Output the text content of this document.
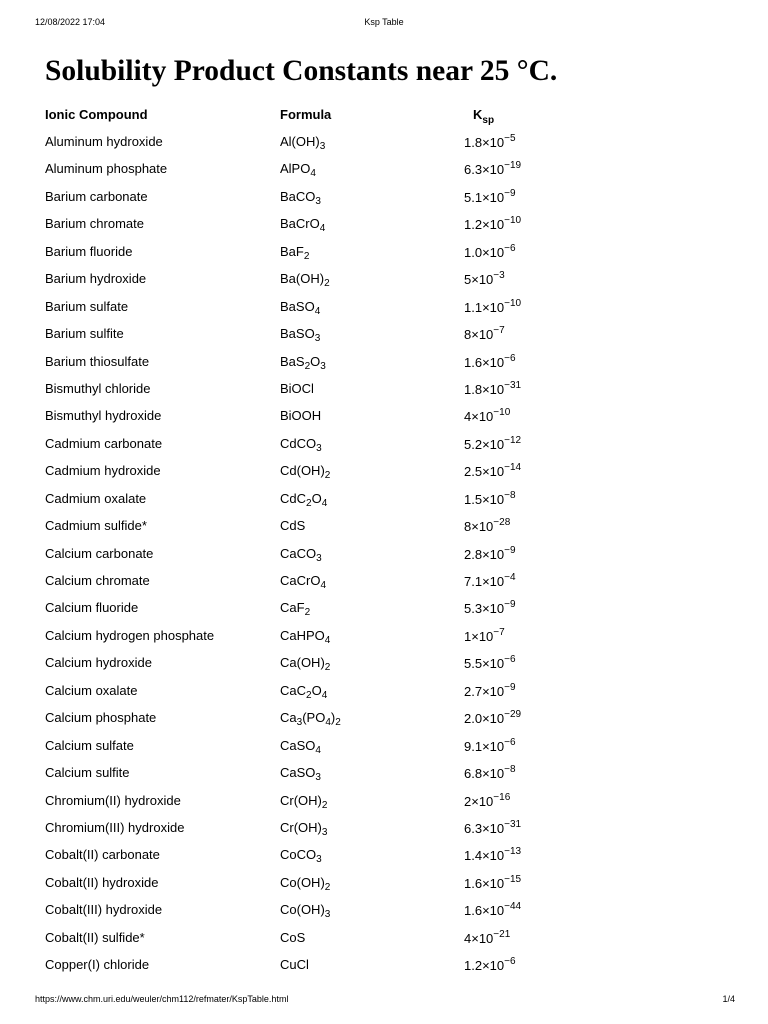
12/08/2022 17:04	Ksp Table
Solubility Product Constants near 25 °C.
Ionic Compound	Formula	$K_{sp}$
Aluminum hydroxide	$Al(OH)_3$	$1.8\times 10^{-5}$
Aluminum phosphate	AlPO$_4$	$6.3\times 10^{-19}$
Barium carbonate	BaCO$_3$	$5.1\times 10^{-9}$
Barium chromate	BaCrO$_4$	$1.2\times 10^{-10}$
Barium fluoride	BaF$_2$	$1.0\times 10^{-6}$
Barium hydroxide	$Ba(OH)_2$	$5\times 10^{-3}$
Barium sulfate	BaSO$_4$	$1.1\times 10^{-10}$
Barium sulfite	BaSO$_3$	$8\times 10^{-7}$
Barium thiosulfate	$BaS_2O_3$	$1.6\times 10^{-6}$
Bismuthyl chloride	BiOCl	$1.8\times 10^{-31}$
Bismuthyl hydroxide	BiOOH	$4\times 10^{-10}$
Cadmium carbonate	CdCO$_3$	$5.2\times 10^{-12}$
Cadmium hydroxide	$Cd(OH)_2$	$2.5\times 10^{-14}$
Cadmium oxalate	$CdC_2O_4$	$1.5\times 10^{-8}$
Cadmium sulfide*	CdS	$8\times 10^{-28}$
Calcium carbonate	CaCO$_3$	$2.8\times 10^{-9}$
Calcium chromate	CaCrO$_4$	$7.1\times 10^{-4}$
Calcium fluoride	CaF$_2$	$5.3\times 10^{-9}$
Calcium hydrogen phosphate	CaHPO$_4$	$1\times 10^{-7}$
Calcium hydroxide	$Ca(OH)_2$	$5.5\times 10^{-6}$
Calcium oxalate	$CaC_2O_4$	$2.7\times 10^{-9}$
Calcium phosphate	$Ca_3(PO_4)_2$	$2.0\times 10^{-29}$
Calcium sulfate	CaSO$_4$	$9.1\times 10^{-6}$
Calcium sulfite	CaSO$_3$	$6.8\times 10^{-8}$
Chromium(II) hydroxide	$Cr(OH)_2$	$2\times 10^{-16}$
Chromium(III) hydroxide	$Cr(OH)_3$	$6.3\times 10^{-31}$
Cobalt(II) carbonate	CoCO$_3$	$1.4\times 10^{-13}$
Cobalt(II) hydroxide	$Co(OH)_2$	$1.6\times 10^{-15}$
Cobalt(III) hydroxide	$Co(OH)_3$	$1.6\times 10^{-44}$
Cobalt(II) sulfide*	CoS	$4\times 10^{-21}$
Copper(I) chloride	CuCl	$1.2\times 10^{-6}$
https://www.chm.uri.edu/weuler/chm112/refmater/KspTable.html	1/4
